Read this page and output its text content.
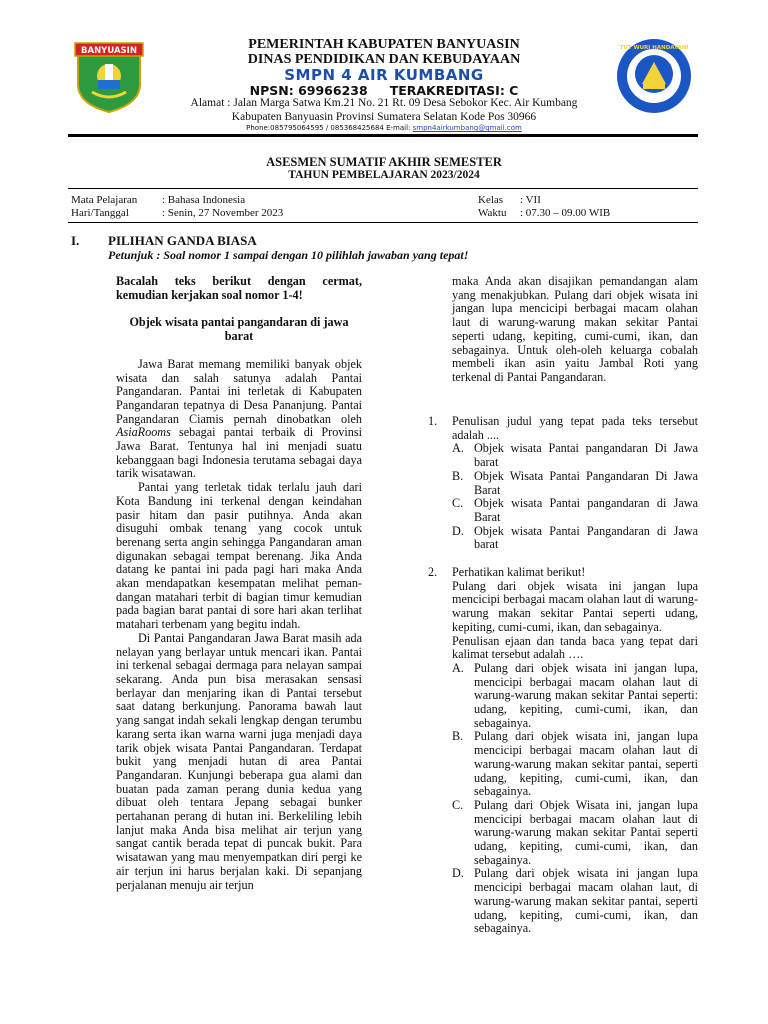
BANYUASIN	TUT WURI HANDAYANI
PEMERINTAH KABUPATEN BANYUASIN
DINAS PENDIDIKAN DAN KEBUDAYAAN
SMPN 4 AIR KUMBANG
NPSN: 69966238 TERAKREDITASI: C
Alamat : Jalan Marga Satwa Km.21 No. 21 Rt. 09 Desa Sebokor Kec. Air Kumbang
Kabupaten Banyuasin Provinsi Sumatera Selatan Kode Pos 30966
Phone:085795064595 / 085368425684 E-mail: smpn4airkumbang@gmail.com
ASESMEN SUMATIF AKHIR SEMESTER
TAHUN PEMBELAJARAN 2023/2024
Mata Pelajaran : Bahasa Indonesia
Hari/Tanggal	: Senin, 27 November 2023
Kelas : VII
Waktu : 07.30 – 09.00 WIB
I. PILIHAN GANDA BIASA
Petunjuk : Soal nomor 1 sampai dengan 10 pilihlah jawaban yang tepat!

Bacalah teks berikut dengan cermat, kemudian kerjakan soal nomor 1-4!

Objek wisata pantai pangandaran di jawa barat

Jawa Barat memang memiliki banyak objek wisata dan salah satunya adalah Pantai Pangandaran. Pantai ini terletak di Kabupaten Pangandaran tepatnya di Desa Pananjung. Pantai Pangandaran Ciamis pernah dinobatkan oleh AsiaRooms sebagai pantai terbaik di Provinsi Jawa Barat. Tentunya hal ini menjadi suatu kebanggaan bagi Indonesia terutama sebagai daya tarik wisatawan.

Pantai yang terletak tidak terlalu jauh dari Kota Bandung ini terkenal dengan keindahan pasir hitam dan pasir putihnya. Anda akan disuguhi ombak tenang yang cocok untuk berenang serta angin sehingga Pangandaran aman digunakan sebagai tempat berenang. Jika Anda datang ke pantai ini pada pagi hari maka Anda akan mendapatkan kesempatan melihat peman-dangan matahari terbit di bagian timur kemudian pada bagian barat pantai di sore hari akan terlihat matahari terbenam yang begitu indah.

Di Pantai Pangandaran Jawa Barat masih ada nelayan yang berlayar untuk mencari ikan. Pantai ini terkenal sebagai dermaga para nelayan sampai sekarang. Anda pun bisa merasakan sensasi berlayar dan menjaring ikan di Pantai tersebut saat datang berkunjung. Panorama bawah laut yang sangat indah sekali lengkap dengan terumbu karang serta ikan warna warni juga menjadi daya tarik objek wisata Pantai Pangandaran. Terdapat bukit yang menjadi hutan di area Pantai Pangandaran. Kunjungi beberapa gua alami dan buatan pada zaman perang dunia kedua yang dibuat oleh tentara Jepang sebagai bunker pertahanan perang di hutan ini. Berkeliling lebih lanjut maka Anda bisa melihat air terjun yang sangat cantik berada tepat di puncak bukit. Para wisatawan yang mau menyempatkan diri pergi ke air terjun ini harus berjalan kaki. Di sepanjang perjalanan menuju air terjun

maka Anda akan disajikan pemandangan alam yang menakjubkan. Pulang dari objek wisata ini jangan lupa mencicipi berbagai macam olahan laut di warung-warung makan sekitar Pantai seperti udang, kepiting, cumi-cumi, ikan, dan sebagainya. Untuk oleh-oleh keluarga cobalah membeli ikan asin yaitu Jambal Roti yang terkenal di Pantai Pangandaran.

1. Penulisan judul yang tepat pada teks tersebut adalah ....

A. Objek wisata Pantai pangandaran Di Jawa barat
B. Objek Wisata Pantai Pangandaran Di Jawa Barat
C. Objek wisata Pantai pangandaran di Jawa Barat
D. Objek wisata Pantai Pangandaran di Jawa barat
2. Perhatikan kalimat berikut!

Pulang dari objek wisata ini jangan lupa mencicipi berbagai macam olahan laut di warung-warung makan sekitar Pantai seperti udang, kepiting, cumi-cumi, ikan, dan sebagainya.

Penulisan ejaan dan tanda baca yang tepat dari kalimat tersebut adalah ….

A. Pulang dari objek wisata ini jangan lupa, mencicipi berbagai macam olahan laut di warung-warung makan sekitar Pantai seperti: udang, kepiting, cumi-cumi, ikan, dan sebagainya.
B. Pulang dari objek wisata ini, jangan lupa mencicipi berbagai macam olahan laut di warung-warung makan sekitar pantai, seperti udang, kepiting, cumi-cumi, ikan, dan sebagainya.
C. Pulang dari Objek Wisata ini, jangan lupa mencicipi berbagai macam olahan laut di warung-warung makan sekitar Pantai seperti udang, kepiting, cumi-cumi, ikan, dan sebagainya.
D. Pulang dari objek wisata ini jangan lupa mencicipi berbagai macam olahan laut, di warung-warung makan sekitar pantai, seperti udang, kepiting, cumi-cumi, ikan, dan sebagainya.
